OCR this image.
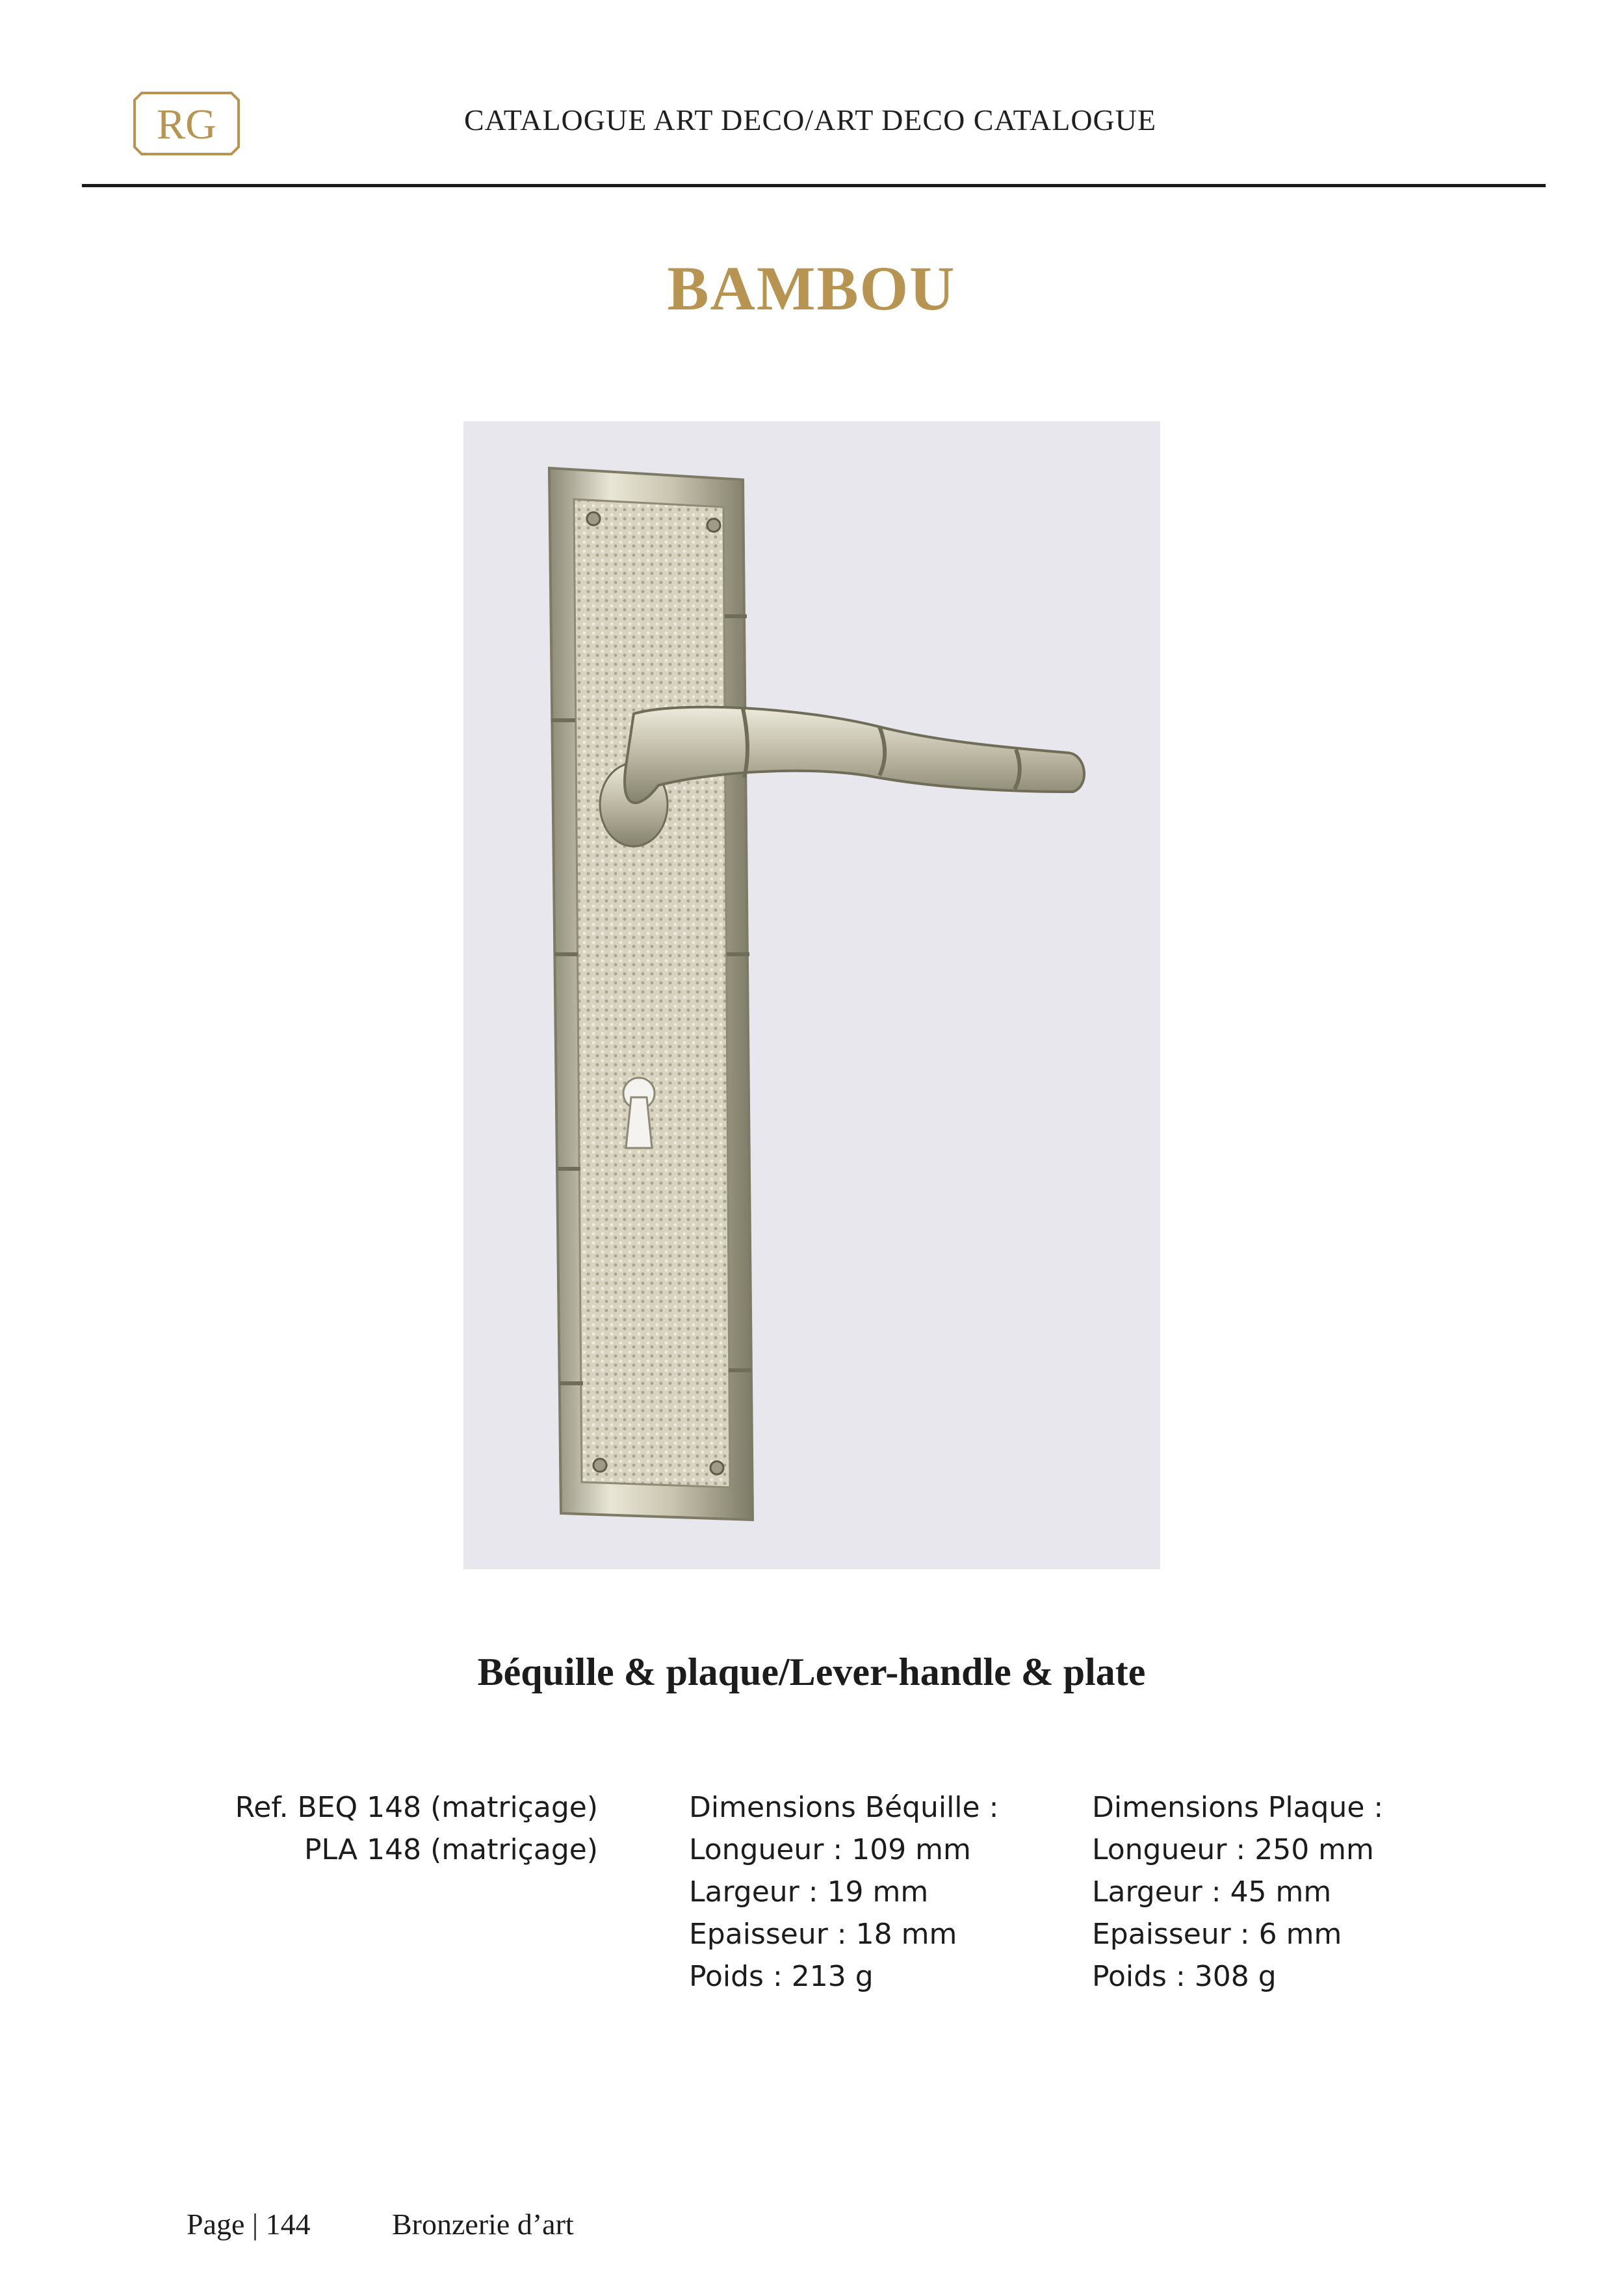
RG	CATALOGUE ART DECO/ART DECO CATALOGUE
BAMBOU
Béquille & plaque/Lever-handle & plate
Ref. BEQ 148 (matriçage)
PLA 148 (matriçage)
Dimensions Béquille :
Longueur : 109 mm
Largeur : 19 mm
Epaisseur : 18 mm
Poids : 213 g
Dimensions Plaque :
Longueur : 250 mm
Largeur : 45 mm
Epaisseur : 6 mm
Poids : 308 g
Page | 144	Bronzerie d’art
